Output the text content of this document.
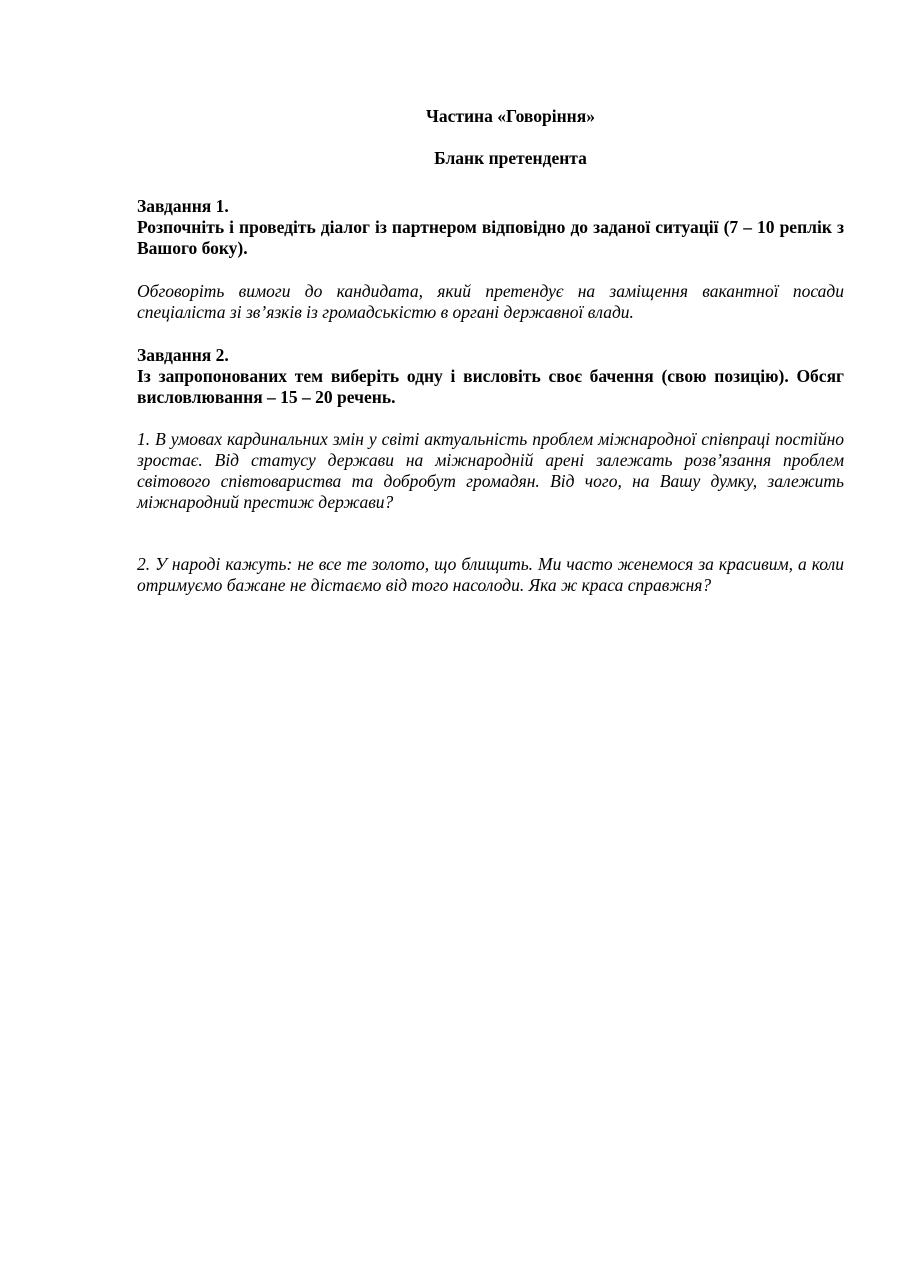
Частина «Говоріння»

Бланк претендента

Завдання 1.

Розпочніть і проведіть діалог із партнером відповідно до заданої ситуації (7 – 10 реплік з Вашого боку).

Обговоріть вимоги до кандидата, який претендує на заміщення вакантної посади спеціаліста зі зв’язків із громадськістю в органі державної влади.

Завдання 2.

Із запропонованих тем виберіть одну і висловіть своє бачення (свою позицію). Обсяг висловлювання – 15 – 20 речень.

1. В умовах кардинальних змін у світі актуальність проблем міжнародної співпраці постійно зростає. Від статусу держави на міжнародній арені залежать розв’язання проблем світового співтовариства та добробут громадян. Від чого, на Вашу думку, залежить міжнародний престиж держави?

2. У народі кажуть: не все те золото, що блищить. Ми часто женемося за красивим, а коли отримуємо бажане не дістаємо від того насолоди. Яка ж краса справжня?
